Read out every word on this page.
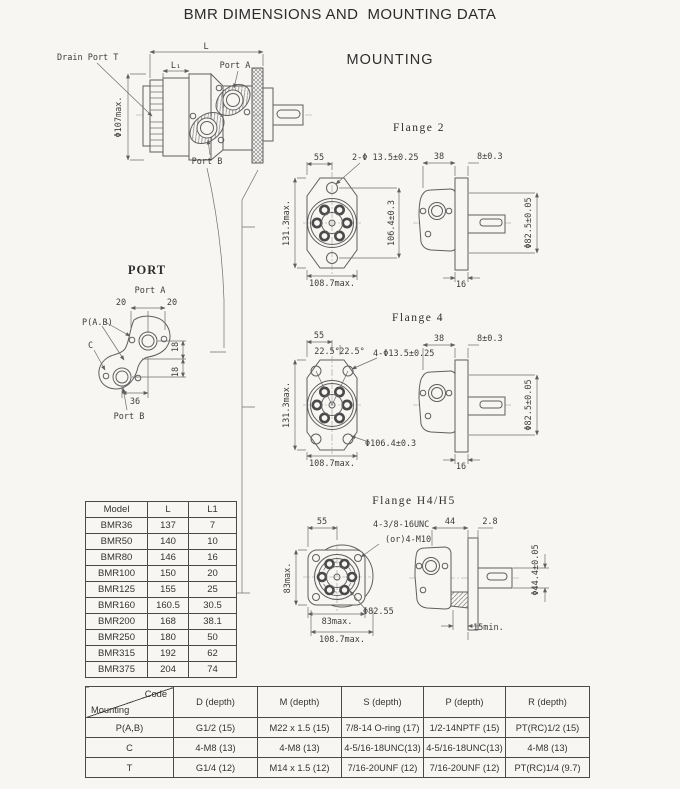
BMR DIMENSIONS AND  MOUNTING DATA
MOUNTING
L
L₁
Φ107max.
Drain Port T
Port A
Port B
PORT
Port A
20	20
P(A.B)
C	18
18
36
Port B
Flange 2
55	2-Φ 13.5±0.25
131.3max.	106.4±0.3
108.7max.
38	8±0.3
Φ82.5±0.05
16
Flange 4
55
22.5° 22.5° 4-Φ13.5±0.25
131.3max.
Φ106.4±0.3
108.7max.
38	8±0.3
Φ82.5±0.05
16
Flange H4/H5
55	4-3/8-16UNC
(or)4-M10
83max.
Φ82.55
83max.
108.7max.
44	2.8
Φ44.4±0.05
15min.
Model	L	L1
BMR36	137	7
BMR50	140	10
BMR80	146	16
BMR100	150	20
BMR125	155	25
BMR160	160.5	30.5
BMR200	168	38.1
BMR250	180	50
BMR315	192	62
BMR375	204	74
Code
Mounting	D (depth)	M (depth)	S (depth)	P (depth)	R (depth)
P(A,B)	G1/2 (15)	M22 x 1.5 (15)	7/8-14 O-ring (17)	1/2-14NPTF (15)	PT(RC)1/2 (15)
C	4-M8 (13)	4-M8 (13)	4-5/16-18UNC(13)	4-5/16-18UNC(13)	4-M8 (13)
T	G1/4 (12)	M14 x 1.5 (12)	7/16-20UNF (12)	7/16-20UNF (12)	PT(RC)1/4 (9.7)
